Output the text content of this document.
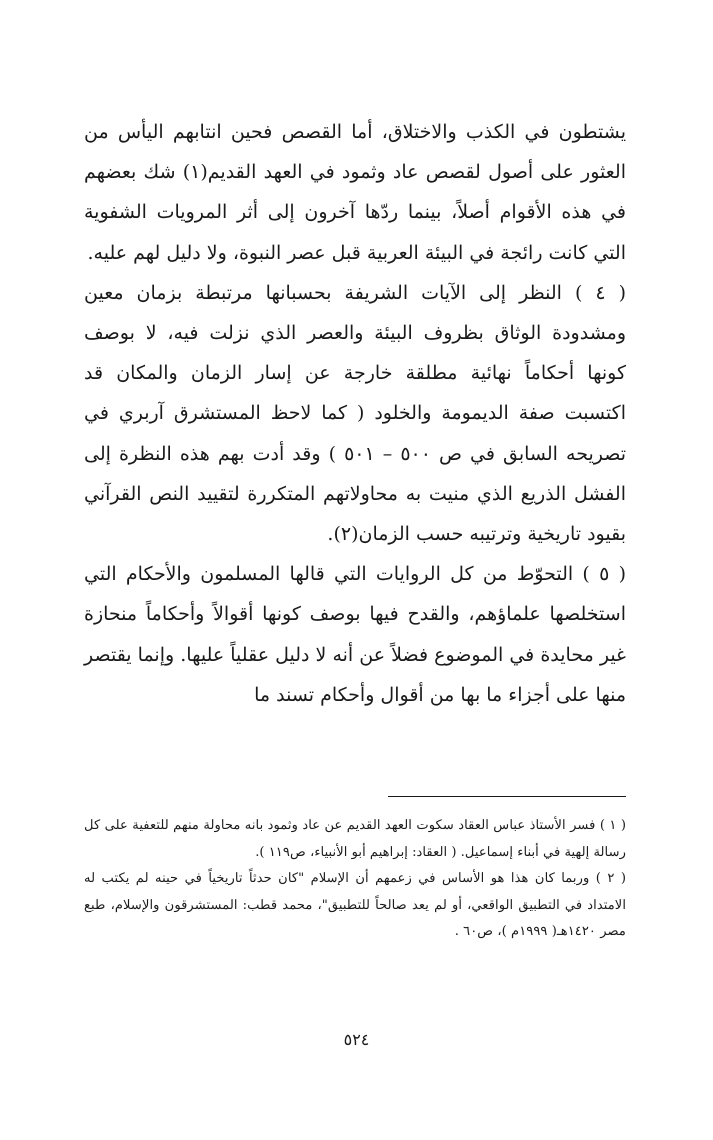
يشتطون في الكذب والاختلاق، أما القصص فحين انتابهم اليأس من العثور على أصول لقصص عاد وثمود في العهد القديم(١) شك بعضهم في هذه الأقوام أصلاً، بينما ردّها آخرون إلى أثر المرويات الشفوية التي كانت رائجة في البيئة العربية قبل عصر النبوة، ولا دليل لهم عليه.

( ٤ ) النظر إلى الآيات الشريفة بحسبانها مرتبطة بزمان معين ومشدودة الوثاق بظروف البيئة والعصر الذي نزلت فيه، لا بوصف كونها أحكاماً نهائية مطلقة خارجة عن إسار الزمان والمكان قد اكتسبت صفة الديمومة والخلود ( كما لاحظ المستشرق آربري في تصريحه السابق في ص ٥٠٠ – ٥٠١ ) وقد أدت بهم هذه النظرة إلى الفشل الذريع الذي منيت به محاولاتهم المتكررة لتقييد النص القرآني بقيود تاريخية وترتيبه حسب الزمان(٢).

( ٥ ) التحوّط من كل الروايات التي قالها المسلمون والأحكام التي استخلصها علماؤهم، والقدح فيها بوصف كونها أقوالاً وأحكاماً منحازة غير محايدة في الموضوع فضلاً عن أنه لا دليل عقلياً عليها. وإنما يقتصر منها على أجزاء ما بها من أقوال وأحكام تسند ما

( ١ ) فسر الأستاذ عباس العقاد سكوت العهد القديم عن عاد وثمود بانه محاولة منهم للتعفية على كل رسالة إلهية في أبناء إسماعيل. ( العقاد: إبراهيم أبو الأنبياء، ص١١٩ ).

( ٢ ) وربما كان هذا هو الأساس في زعمهم أن الإسلام "كان حدثاً تاريخياً في حينه لم يكتب له الامتداد في التطبيق الواقعي، أو لم يعد صالحاً للتطبيق"، محمد قطب: المستشرقون والإسلام، طبع مصر ١٤٢٠هـ( ١٩٩٩م )، ص٦٠ .

٥٢٤
